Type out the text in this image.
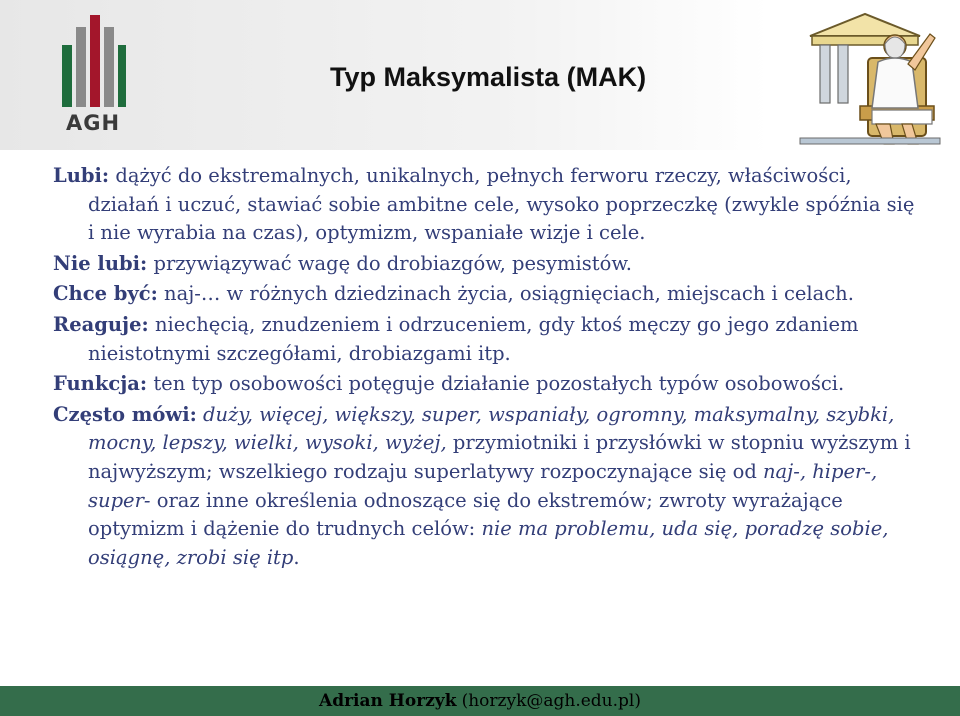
AGH
Typ Maksymalista (MAK)

Lubi: dążyć do ekstremalnych, unikalnych, pełnych ferworu rzeczy, właściwości, działań i uczuć, stawiać sobie ambitne cele, wysoko poprzeczkę (zwykle spóźnia się i nie wyrabia na czas), optymizm, wspaniałe wizje i cele.

Nie lubi: przywiązywać wagę do drobiazgów, pesymistów.

Chce być: naj-… w różnych dziedzinach życia, osiągnięciach, miejscach i celach.

Reaguje: niechęcią, znudzeniem i odrzuceniem, gdy ktoś męczy go jego zdaniem nieistotnymi szczegółami, drobiazgami itp.

Funkcja: ten typ osobowości potęguje działanie pozostałych typów osobowości.

Często mówi: duży, więcej, większy, super, wspaniały, ogromny, maksymalny, szybki, mocny, lepszy, wielki, wysoki, wyżej, przymiotniki i przysłówki w stopniu wyższym i najwyższym; wszelkiego rodzaju superlatywy rozpoczynające się od naj-, hiper-, super- oraz inne określenia odnoszące się do ekstremów; zwroty wyrażające optymizm i dążenie do trudnych celów: nie ma problemu, uda się, poradzę sobie, osiągnę, zrobi się itp.

Adrian Horzyk (horzyk@agh.edu.pl)
